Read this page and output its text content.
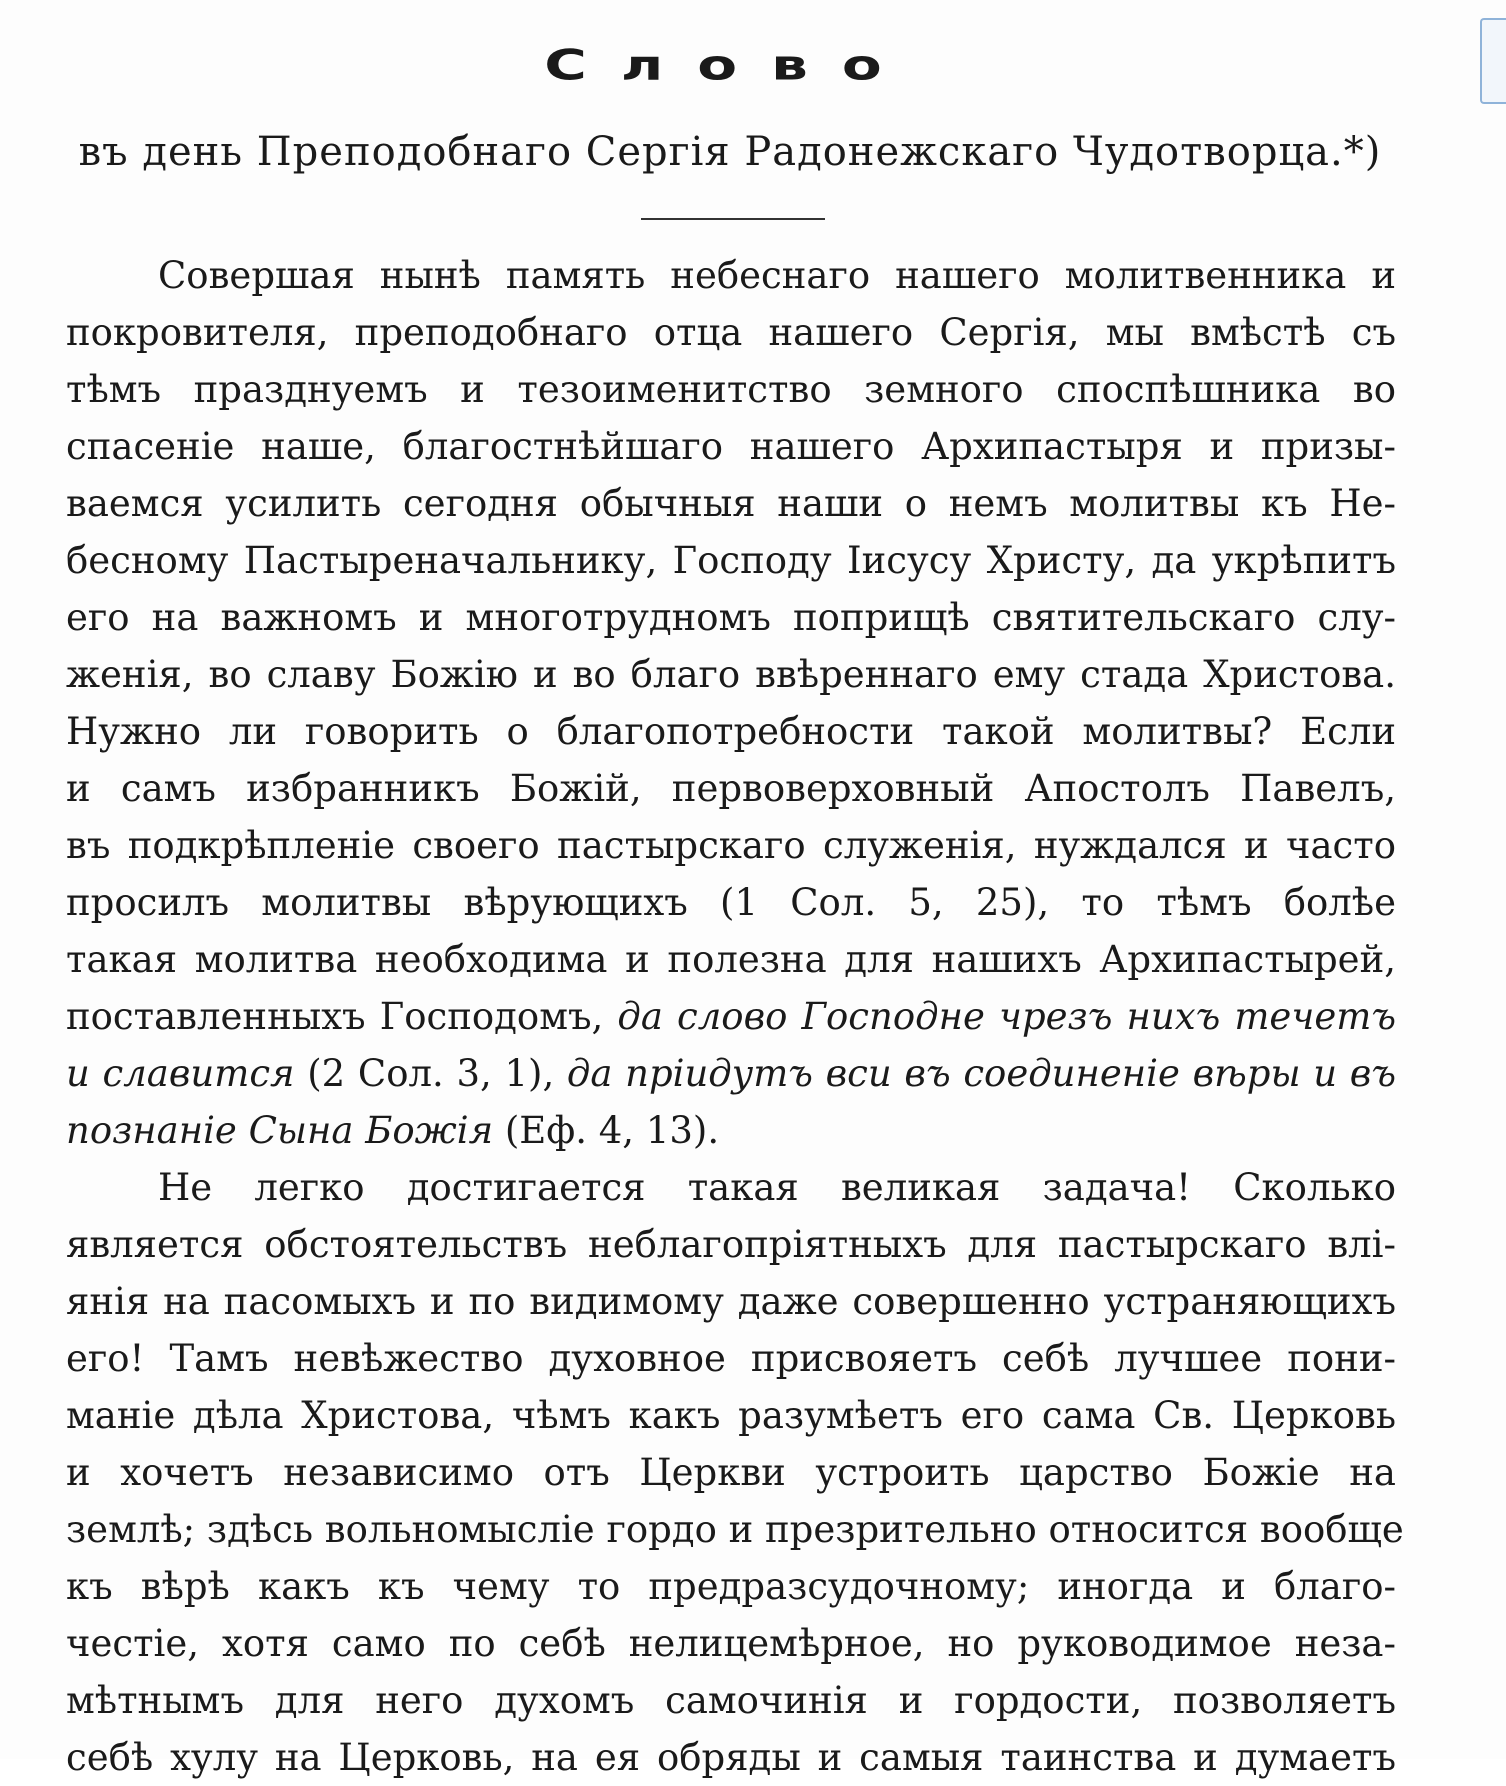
Слово
въ день Преподобнаго Сергія Радонежскаго Чудотворца.*)
Совершая нынѣ память небеснаго нашего молитвенника и
покровителя, преподобнаго отца нашего Сергія, мы вмѣстѣ съ
тѣмъ празднуемъ и тезоименитство земного споспѣшника во
спасеніе наше, благостнѣйшаго нашего Архипастыря и призы-
ваемся усилить сегодня обычныя наши о немъ молитвы къ Не-
бесному Пастыреначальнику, Господу Іисусу Христу, да укрѣпитъ
его на важномъ и многотрудномъ поприщѣ святительскаго слу-
женія, во славу Божію и во благо ввѣреннаго ему стада Христова.
Нужно ли говорить о благопотребности такой молитвы? Если
и самъ избранникъ Божій, первоверховный Апостолъ Павелъ,
въ подкрѣпленіе своего пастырскаго служенія, нуждался и часто
просилъ молитвы вѣрующихъ (1 Сол. 5, 25), то тѣмъ болѣе
такая молитва необходима и полезна для нашихъ Архипастырей,
поставленныхъ Господомъ, да слово Господне чрезъ нихъ течетъ
и славится (2 Сол. 3, 1), да пріидутъ вси въ соединеніе вѣры и въ
познаніе Сына Божія (Еф. 4, 13).
Не легко достигается такая великая задача! Сколько
является обстоятельствъ неблагопріятныхъ для пастырскаго влі-
янія на пасомыхъ и по видимому даже совершенно устраняющихъ
его! Тамъ невѣжество духовное присвояетъ себѣ лучшее пони-
маніе дѣла Христова, чѣмъ какъ разумѣетъ его сама Св. Церковь
и хочетъ независимо отъ Церкви устроить царство Божіе на
землѣ; здѣсь вольномысліе гордо и презрительно относится вообще
къ вѣрѣ какъ къ чему то предразсудочному; иногда и благо-
честіе, хотя само по себѣ нелицемѣрное, но руководимое неза-
мѣтнымъ для него духомъ самочинія и гордости, позволяетъ
себѣ хулу на Церковь, на ея обряды и самыя таинства и думаетъ
